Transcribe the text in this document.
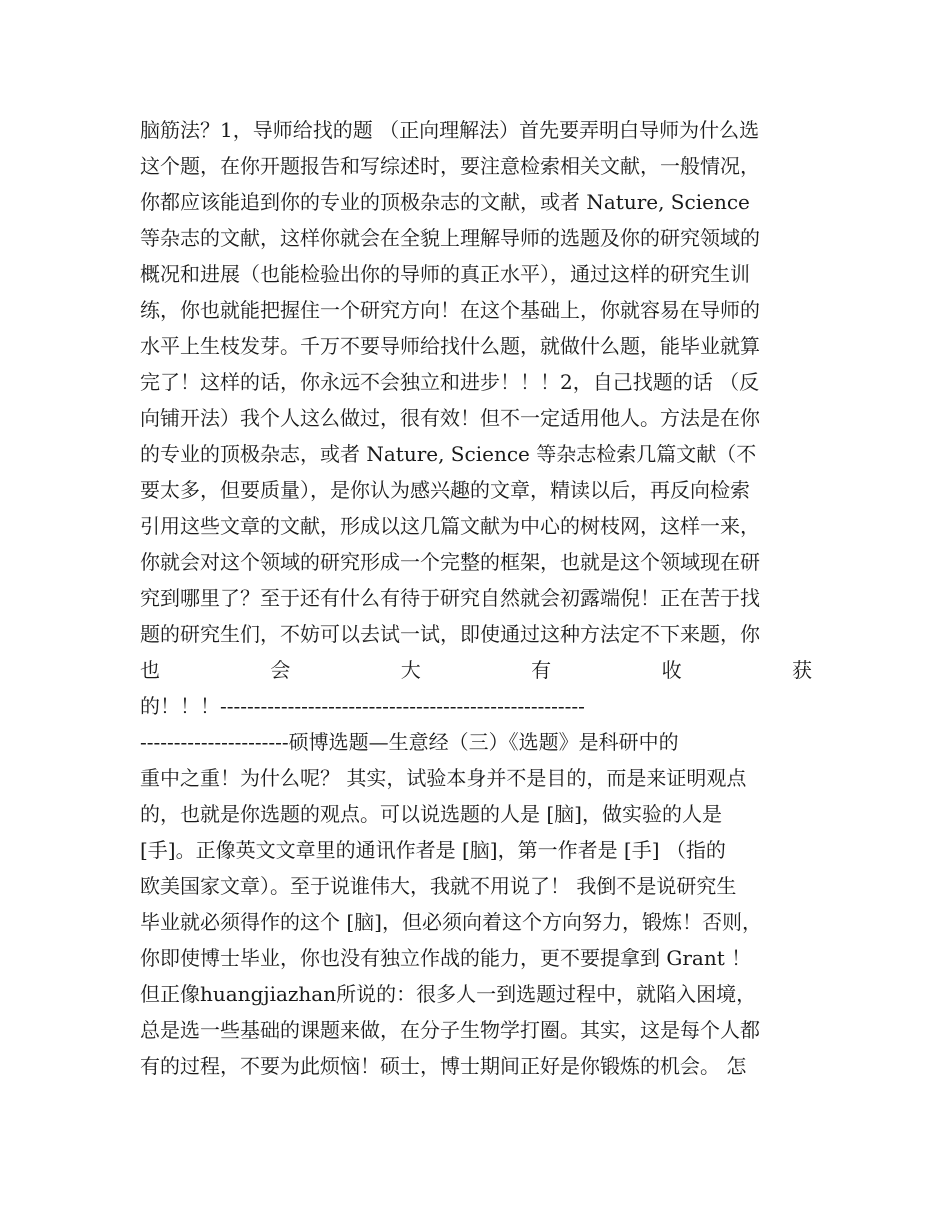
脑筋法？1，导师给找的题 （正向理解法）首先要弄明白导师为什么选
这个题，在你开题报告和写综述时，要注意检索相关文献，一般情况，
你都应该能追到你的专业的顶极杂志的文献，或者 Nature, Science
等杂志的文献，这样你就会在全貌上理解导师的选题及你的研究领域的
概况和进展（也能检验出你的导师的真正水平），通过这样的研究生训
练，你也就能把握住一个研究方向！在这个基础上，你就容易在导师的
水平上生枝发芽。千万不要导师给找什么题，就做什么题，能毕业就算
完了！这样的话，你永远不会独立和进步！！！2，自己找题的话 （反
向铺开法）我个人这么做过，很有效！但不一定适用他人。方法是在你
的专业的顶极杂志，或者 Nature, Science 等杂志检索几篇文献（不
要太多，但要质量），是你认为感兴趣的文章，精读以后，再反向检索
引用这些文章的文献，形成以这几篇文献为中心的树枝网，这样一来，
你就会对这个领域的研究形成一个完整的框架，也就是这个领域现在研
究到哪里了？至于还有什么有待于研究自然就会初露端倪！正在苦于找
题的研究生们，不妨可以去试一试，即使通过这种方法定不下来题，你
也	会	大	有	收	获
的！！！------------------------------------------------------
----------------------硕博选题—生意经（三）《选题》是科研中的
重中之重！为什么呢？ 其实，试验本身并不是目的，而是来证明观点
的，也就是你选题的观点。可以说选题的人是 [脑]，做实验的人是
[手]。正像英文文章里的通讯作者是 [脑]，第一作者是 [手] （指的
欧美国家文章）。至于说谁伟大，我就不用说了！ 我倒不是说研究生
毕业就必须得作的这个 [脑]，但必须向着这个方向努力，锻炼！否则，
你即使博士毕业，你也没有独立作战的能力，更不要提拿到 Grant ！
但正像huangjiazhan所说的：很多人一到选题过程中，就陷入困境，
总是选一些基础的课题来做，在分子生物学打圈。其实，这是每个人都
有的过程，不要为此烦恼！硕士，博士期间正好是你锻炼的机会。 怎
